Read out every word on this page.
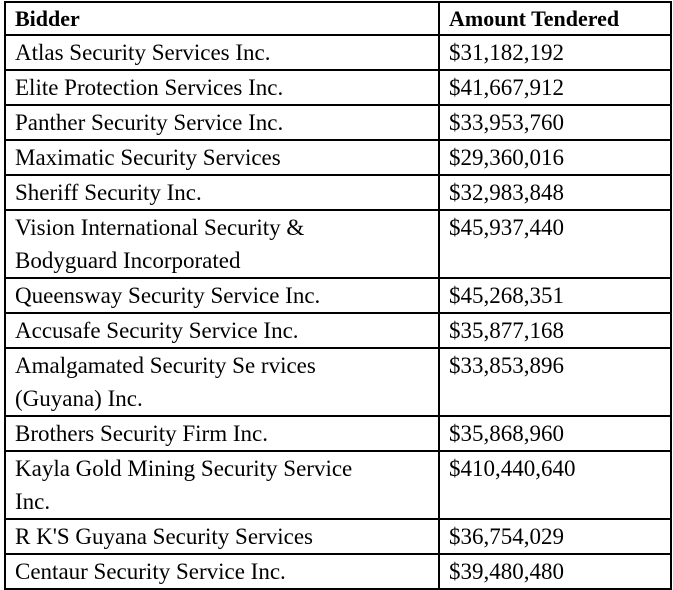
Bidder	Amount Tendered

Atlas Security Services Inc.	$31,182,192

Elite Protection Services Inc.	$41,667,912

Panther Security Service Inc.	$33,953,760

Maximatic Security Services	$29,360,016

Sheriff Security Inc.	$32,983,848

Vision International Security &
Bodyguard Incorporated	$45,937,440

Queensway Security Service Inc.	$45,268,351

Accusafe Security Service Inc.	$35,877,168

Amalgamated Security Se rvices
(Guyana) Inc.	$33,853,896

Brothers Security Firm Inc.	$35,868,960

Kayla Gold Mining Security Service
Inc.	$410,440,640

R K'S Guyana Security Services	$36,754,029

Centaur Security Service Inc.	$39,480,480
